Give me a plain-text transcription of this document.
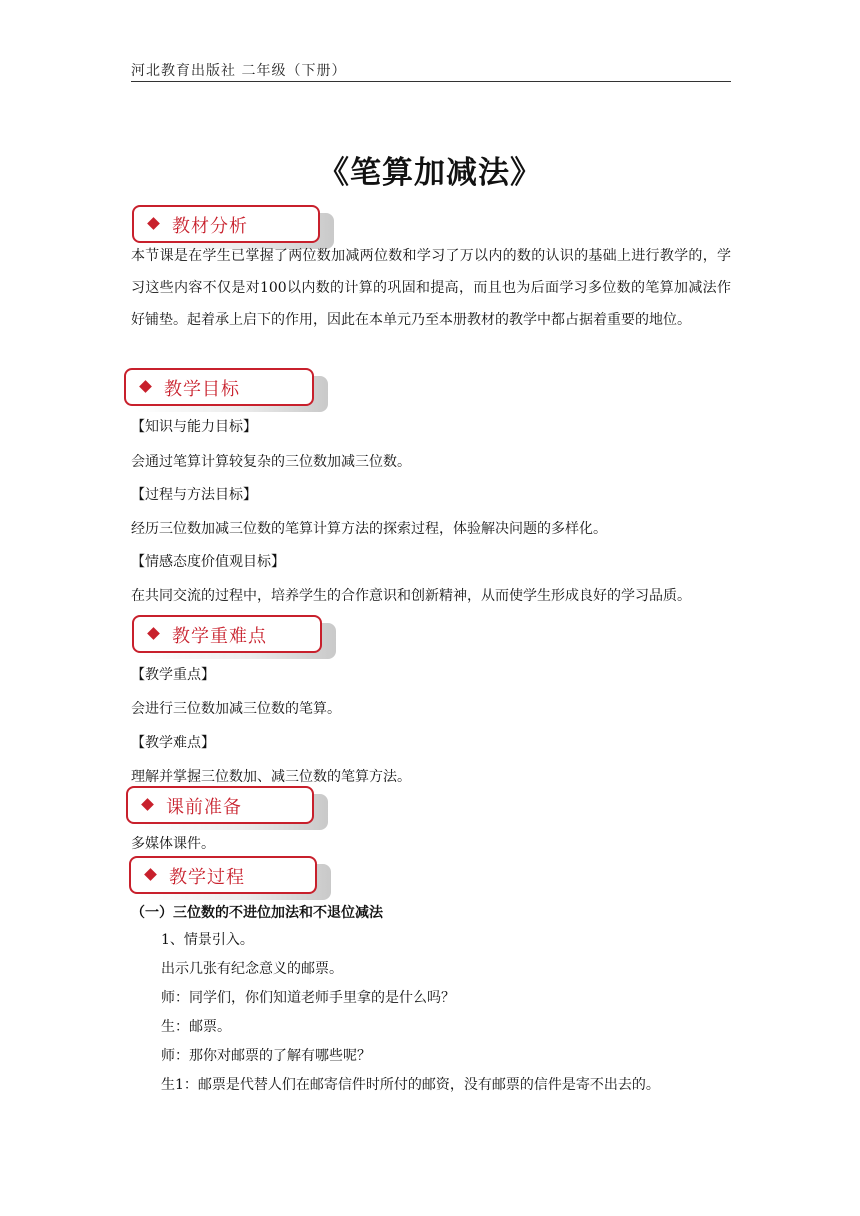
河北教育出版社 二年级（下册）
《笔算加减法》
教材分析
本节课是在学生已掌握了两位数加减两位数和学习了万以内的数的认识的基础上进行教学的，学习这些内容不仅是对100以内数的计算的巩固和提高，而且也为后面学习多位数的笔算加减法作好铺垫。起着承上启下的作用，因此在本单元乃至本册教材的教学中都占据着重要的地位。
教学目标
【知识与能力目标】
会通过笔算计算较复杂的三位数加减三位数。
【过程与方法目标】
经历三位数加减三位数的笔算计算方法的探索过程，体验解决问题的多样化。
【情感态度价值观目标】
在共同交流的过程中，培养学生的合作意识和创新精神，从而使学生形成良好的学习品质。
教学重难点
【教学重点】
会进行三位数加减三位数的笔算。
【教学难点】
理解并掌握三位数加、减三位数的笔算方法。
课前准备
多媒体课件。
教学过程
（一）三位数的不进位加法和不退位减法
1、情景引入。
出示几张有纪念意义的邮票。
师：同学们，你们知道老师手里拿的是什么吗？
生：邮票。
师：那你对邮票的了解有哪些呢？
生1：邮票是代替人们在邮寄信件时所付的邮资，没有邮票的信件是寄不出去的。
